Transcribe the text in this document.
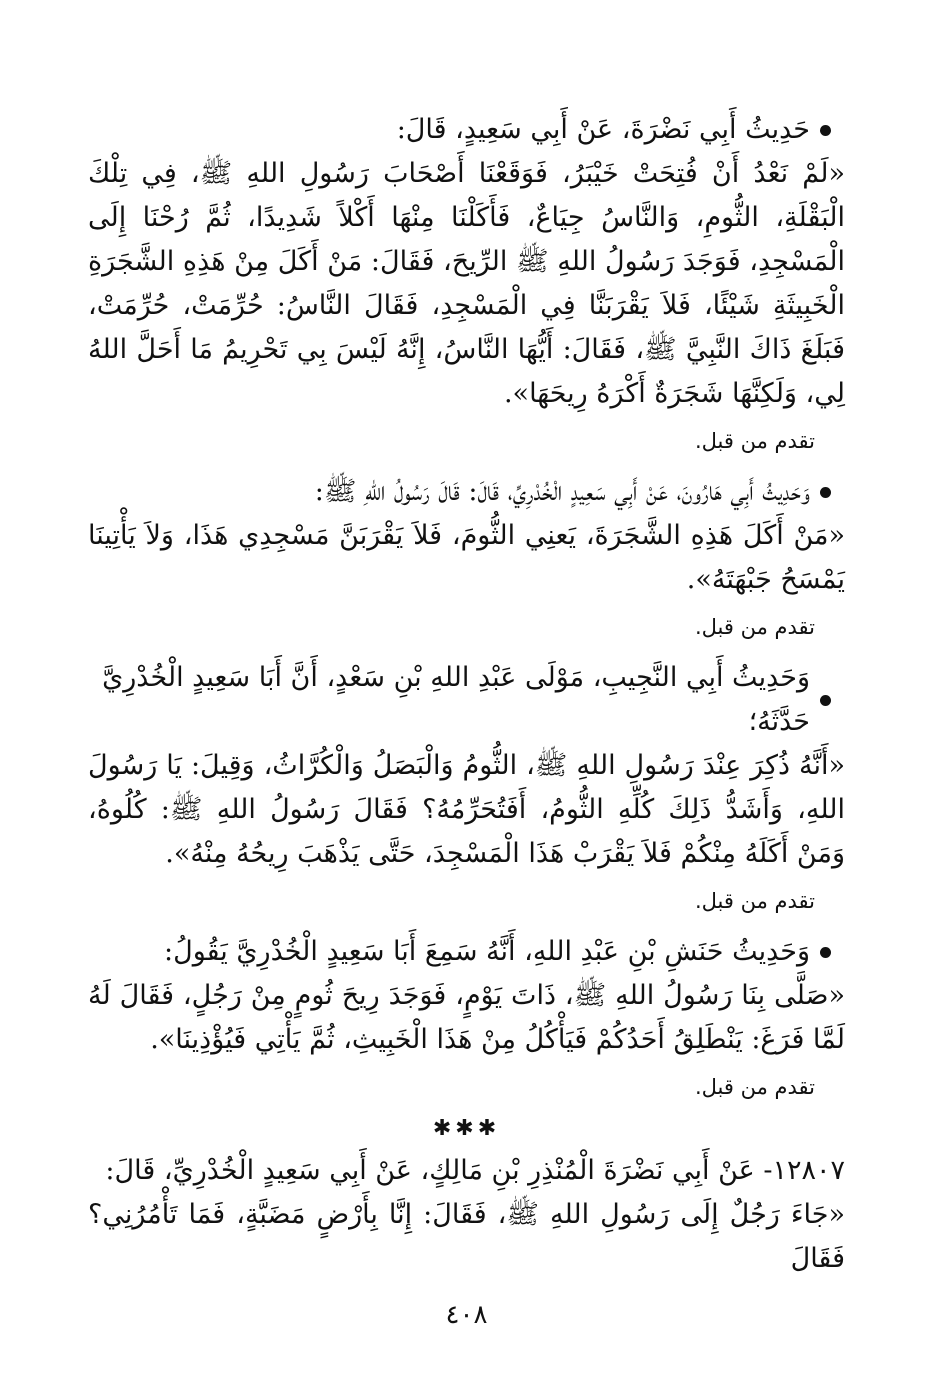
حَدِيثُ أَبِي نَضْرَةَ، عَنْ أَبِي سَعِيدٍ، قَالَ:

«لَمْ نَعْدُ أَنْ فُتِحَتْ خَيْبَرُ، فَوَقَعْنَا أَصْحَابَ رَسُولِ اللهِ ﷺ، فِي تِلْكَ الْبَقْلَةِ، الثُّومِ، وَالنَّاسُ جِيَاعٌ، فَأَكَلْنَا مِنْهَا أَكْلاً شَدِيدًا، ثُمَّ رُحْنَا إِلَى الْمَسْجِدِ، فَوَجَدَ رَسُولُ اللهِ ﷺ الرِّيحَ، فَقَالَ: مَنْ أَكَلَ مِنْ هَذِهِ الشَّجَرَةِ الْخَبِيثَةِ شَيْئًا، فَلاَ يَقْرَبَنَّا فِي الْمَسْجِدِ، فَقَالَ النَّاسُ: حُرِّمَتْ، حُرِّمَتْ، فَبَلَغَ ذَاكَ النَّبِيَّ ﷺ، فَقَالَ: أَيُّهَا النَّاسُ، إِنَّهُ لَيْسَ بِي تَحْرِيمُ مَا أَحَلَّ اللهُ لِي، وَلَكِنَّهَا شَجَرَةٌ أَكْرَهُ رِيحَهَا».

تقدم من قبل.
وَحَدِيثُ أَبِي هَارُونَ، عَنْ أَبِي سَعِيدٍ الْخُدْرِيِّ، قَالَ: قَالَ رَسُولُ اللهِ ﷺ:

«مَنْ أَكَلَ هَذِهِ الشَّجَرَةَ، يَعنِي الثُّومَ، فَلاَ يَقْرَبَنَّ مَسْجِدِي هَذَا، وَلاَ يَأْتِينَا يَمْسَحُ جَبْهَتَهُ».

تقدم من قبل.
وَحَدِيثُ أَبِي النَّجِيبِ، مَوْلَى عَبْدِ اللهِ بْنِ سَعْدٍ، أَنَّ أَبَا سَعِيدٍ الْخُدْرِيَّ حَدَّثَهُ؛

«أَنَّهُ ذُكِرَ عِنْدَ رَسُولِ اللهِ ﷺ، الثُّومُ وَالْبَصَلُ وَالْكُرَّاثُ، وَقِيلَ: يَا رَسُولَ اللهِ، وَأَشَدُّ ذَلِكَ كُلِّهِ الثُّومُ، أَفَتُحَرِّمُهُ؟ فَقَالَ رَسُولُ اللهِ ﷺ: كُلُوهُ، وَمَنْ أَكَلَهُ مِنْكُمْ فَلاَ يَقْرَبْ هَذَا الْمَسْجِدَ، حَتَّى يَذْهَبَ رِيحُهُ مِنْهُ».

تقدم من قبل.
وَحَدِيثُ حَنَشِ بْنِ عَبْدِ اللهِ، أَنَّهُ سَمِعَ أَبَا سَعِيدٍ الْخُدْرِيَّ يَقُولُ:

«صَلَّى بِنَا رَسُولُ اللهِ ﷺ، ذَاتَ يَوْمٍ، فَوَجَدَ رِيحَ ثُومٍ مِنْ رَجُلٍ، فَقَالَ لَهُ لَمَّا فَرَغَ: يَنْطَلِقُ أَحَدُكُمْ فَيَأْكُلُ مِنْ هَذَا الْخَبِيثِ، ثُمَّ يَأْتِي فَيُؤْذِينَا».

تقدم من قبل.
✱✱✱

١٢٨٠٧- عَنْ أَبِي نَضْرَةَ الْمُنْذِرِ بْنِ مَالِكٍ، عَنْ أَبِي سَعِيدٍ الْخُدْرِيِّ، قَالَ:

«جَاءَ رَجُلٌ إِلَى رَسُولِ اللهِ ﷺ، فَقَالَ: إِنَّا بِأَرْضٍ مَضَبَّةٍ، فَمَا تَأْمُرُنِي؟ فَقَالَ

٤٠٨
